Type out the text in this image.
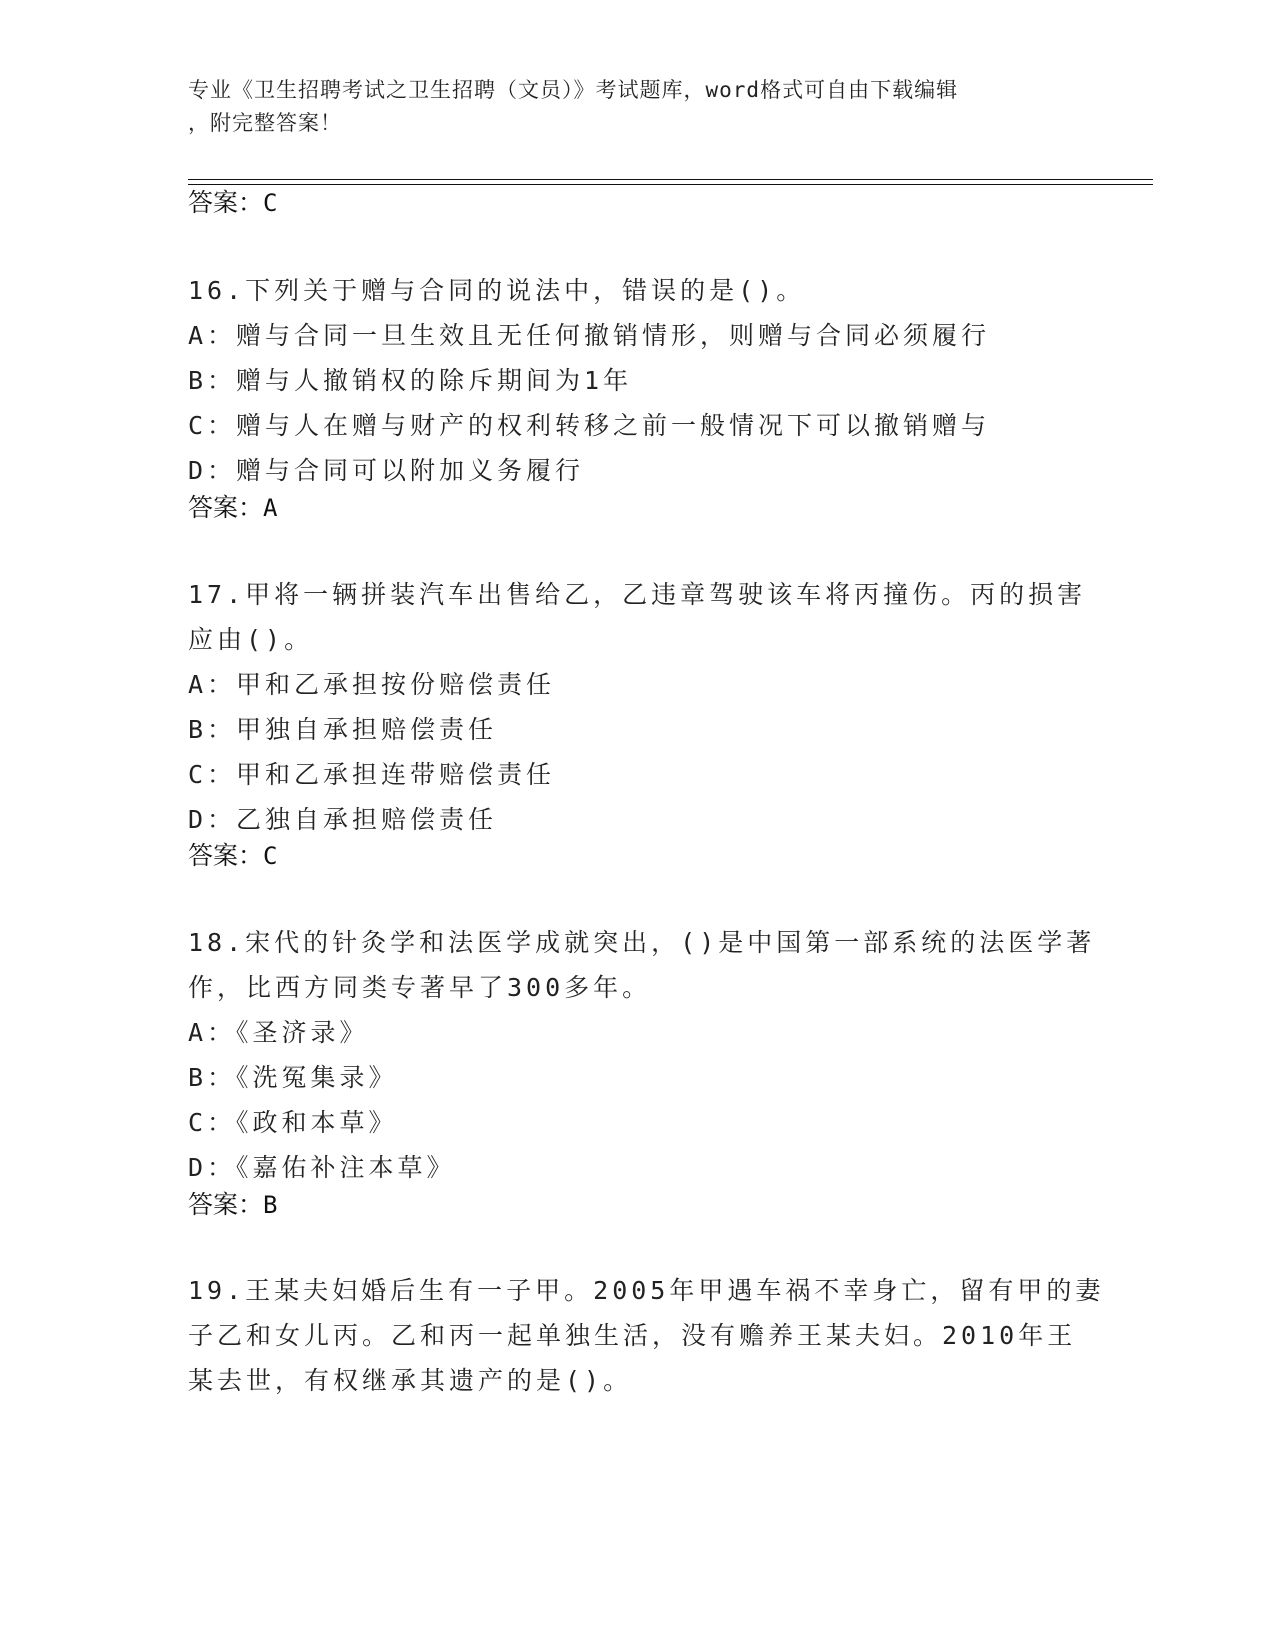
专业《卫生招聘考试之卫生招聘（文员）》考试题库，word格式可自由下载编辑
，附完整答案！
答案：C
16.下列关于赠与合同的说法中，错误的是()。
A：赠与合同一旦生效且无任何撤销情形，则赠与合同必须履行
B：赠与人撤销权的除斥期间为1年
C：赠与人在赠与财产的权利转移之前一般情况下可以撤销赠与
D：赠与合同可以附加义务履行
答案：A
17.甲将一辆拼装汽车出售给乙，乙违章驾驶该车将丙撞伤。丙的损害
应由()。
A：甲和乙承担按份赔偿责任
B：甲独自承担赔偿责任
C：甲和乙承担连带赔偿责任
D：乙独自承担赔偿责任
答案：C
18.宋代的针灸学和法医学成就突出，()是中国第一部系统的法医学著
作，比西方同类专著早了300多年。
A：《圣济录》
B：《洗冤集录》
C：《政和本草》
D：《嘉佑补注本草》
答案：B
19.王某夫妇婚后生有一子甲。2005年甲遇车祸不幸身亡，留有甲的妻
子乙和女儿丙。乙和丙一起单独生活，没有赡养王某夫妇。2010年王
某去世，有权继承其遗产的是()。
